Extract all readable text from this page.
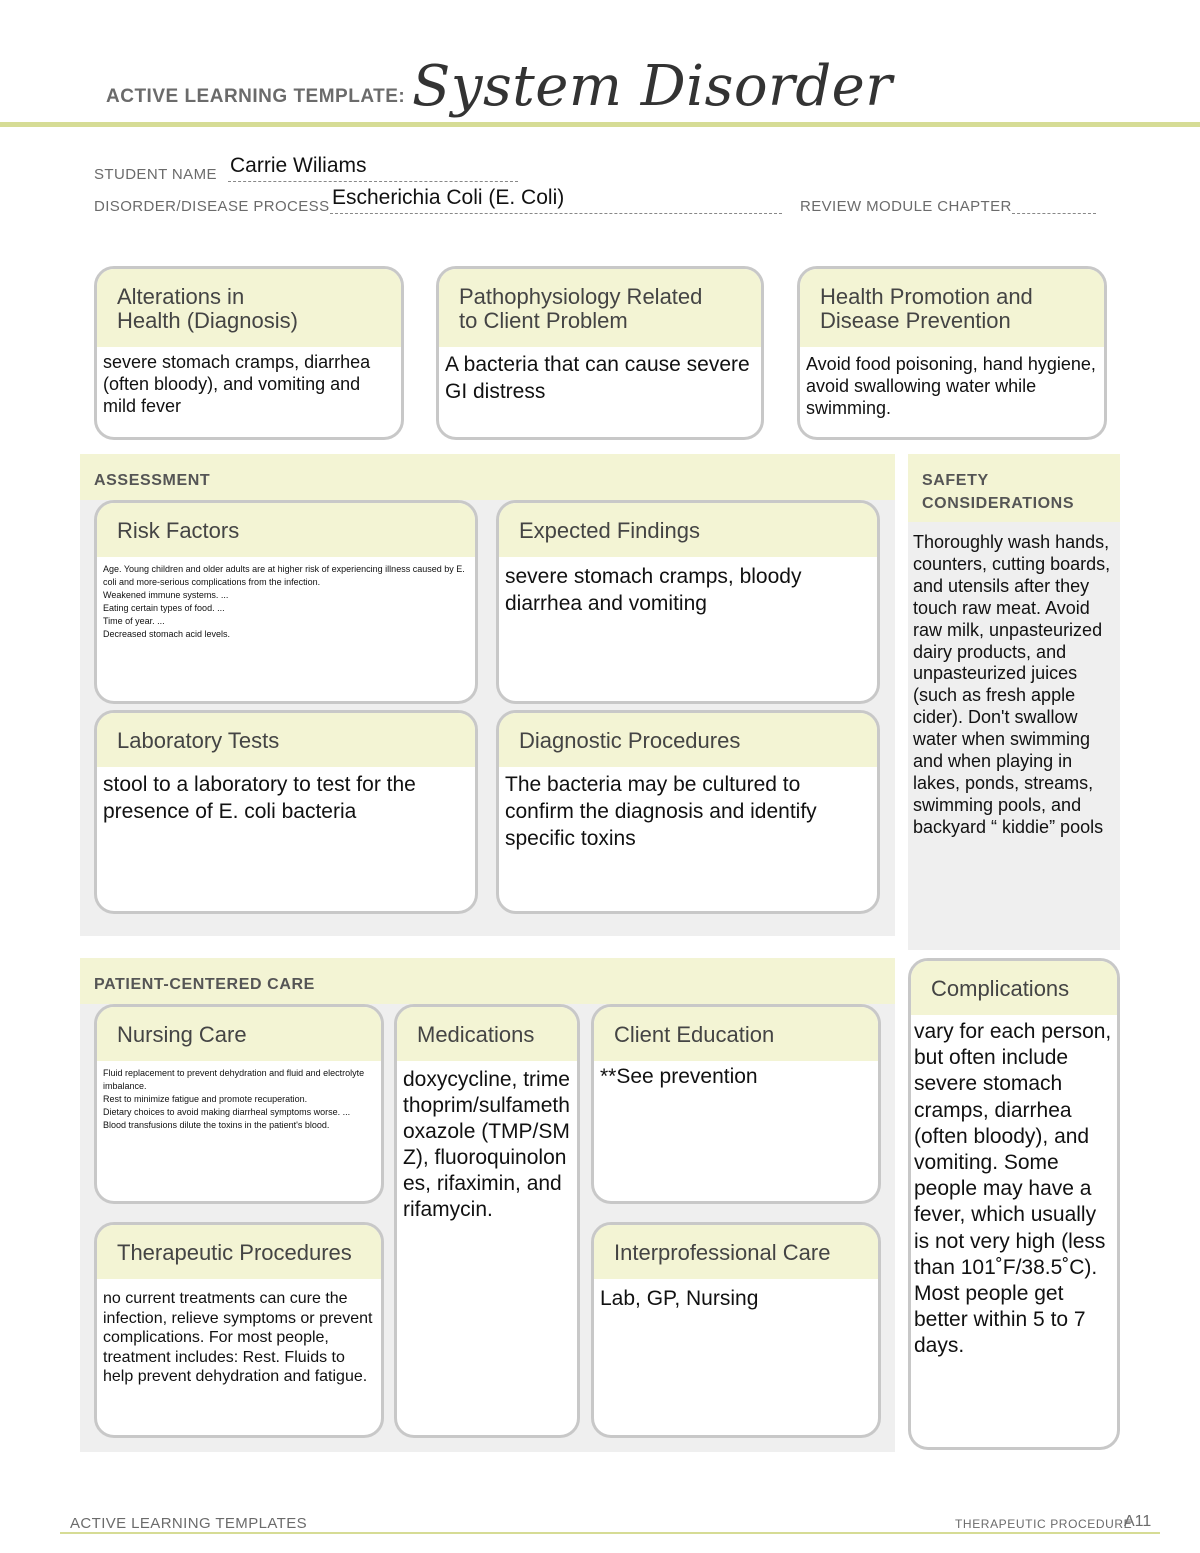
ACTIVE LEARNING TEMPLATE: System Disorder
STUDENT NAME Carrie Wiliams
DISORDER/DISEASE PROCESS Escherichia Coli (E. Coli)	REVIEW MODULE CHAPTER
Alterations in
Health (Diagnosis)
severe stomach cramps, diarrhea (often bloody), and vomiting and mild fever
Pathophysiology Related
to Client Problem
A bacteria that can cause severe GI distress
Health Promotion and
Disease Prevention
Avoid food poisoning, hand hygiene, avoid swallowing water while swimming.
ASSESSMENT
Risk Factors
Age. Young children and older adults are at higher risk of experiencing illness caused by E. coli and more-serious complications from the infection.
Weakened immune systems. ...
Eating certain types of food. ...
Time of year. ...
Decreased stomach acid levels.
Expected Findings
severe stomach cramps, bloody diarrhea and vomiting
Laboratory Tests
stool to a laboratory to test for the presence of E. coli bacteria
Diagnostic Procedures
The bacteria may be cultured to confirm the diagnosis and identify specific toxins
SAFETY
CONSIDERATIONS
Thoroughly wash hands, counters, cutting boards, and utensils after they touch raw meat. Avoid raw milk, unpasteurized dairy products, and unpasteurized juices (such as fresh apple cider). Don't swallow water when swimming and when playing in lakes, ponds, streams, swimming pools, and backyard “ kiddie” pools
PATIENT-CENTERED CARE
Nursing Care
Fluid replacement to prevent dehydration and fluid and electrolyte imbalance.
Rest to minimize fatigue and promote recuperation.
Dietary choices to avoid making diarrheal symptoms worse. ...
Blood transfusions dilute the toxins in the patient's blood.
Medications
doxycycline, trimethoprim/sulfamethoxazole (TMP/SMZ), fluoroquinolones, rifaximin, and rifamycin.
Client Education
**See prevention
Therapeutic Procedures
no current treatments can cure the infection, relieve symptoms or prevent complications. For most people, treatment includes: Rest. Fluids to help prevent dehydration and fatigue.
Interprofessional Care
Lab, GP, Nursing
Complications
vary for each person, but often include severe stomach cramps, diarrhea (often bloody), and vomiting. Some people may have a fever, which usually is not very high (less than 101˚F/38.5˚C). Most people get better within 5 to 7 days.
ACTIVE LEARNING TEMPLATES	THERAPEUTIC PROCEDURE
A11
